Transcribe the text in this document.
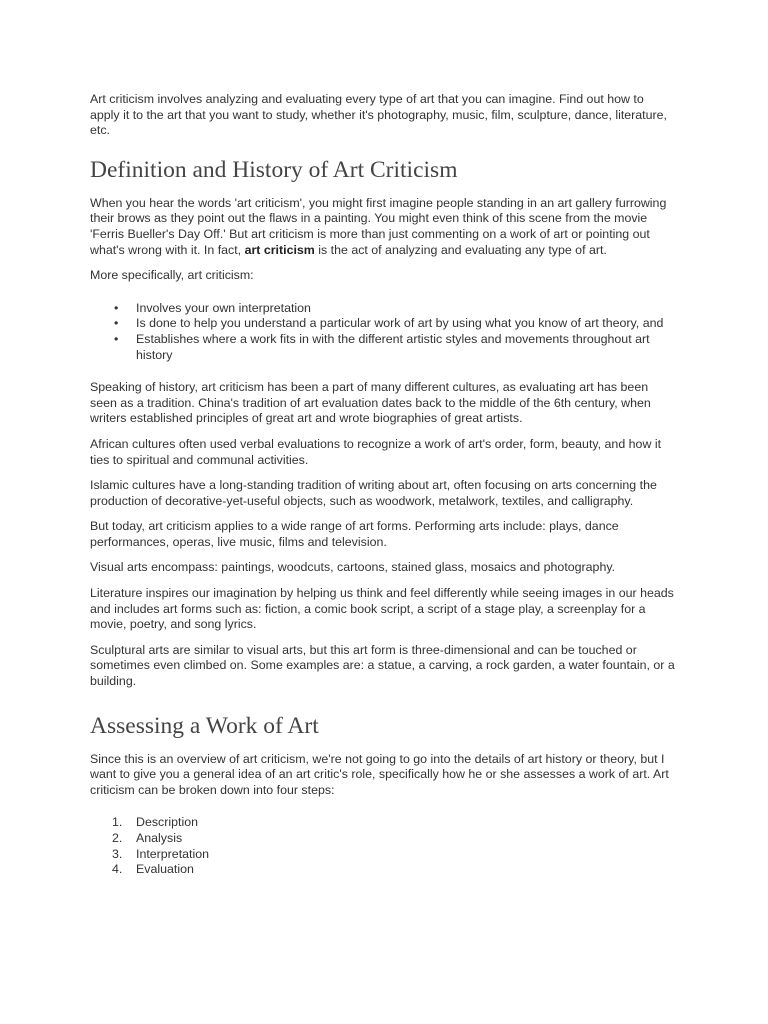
Art criticism involves analyzing and evaluating every type of art that you can imagine. Find out how to apply it to the art that you want to study, whether it's photography, music, film, sculpture, dance, literature, etc.

Definition and History of Art Criticism

When you hear the words 'art criticism', you might first imagine people standing in an art gallery furrowing their brows as they point out the flaws in a painting. You might even think of this scene from the movie 'Ferris Bueller's Day Off.' But art criticism is more than just commenting on a work of art or pointing out what's wrong with it. In fact, art criticism is the act of analyzing and evaluating any type of art.

More specifically, art criticism:

• Involves your own interpretation
• Is done to help you understand a particular work of art by using what you know of art theory, and
• Establishes where a work fits in with the different artistic styles and movements throughout art history

Speaking of history, art criticism has been a part of many different cultures, as evaluating art has been seen as a tradition. China's tradition of art evaluation dates back to the middle of the 6th century, when writers established principles of great art and wrote biographies of great artists.

African cultures often used verbal evaluations to recognize a work of art's order, form, beauty, and how it ties to spiritual and communal activities.

Islamic cultures have a long-standing tradition of writing about art, often focusing on arts concerning the production of decorative-yet-useful objects, such as woodwork, metalwork, textiles, and calligraphy.

But today, art criticism applies to a wide range of art forms. Performing arts include: plays, dance performances, operas, live music, films and television.

Visual arts encompass: paintings, woodcuts, cartoons, stained glass, mosaics and photography.

Literature inspires our imagination by helping us think and feel differently while seeing images in our heads and includes art forms such as: fiction, a comic book script, a script of a stage play, a screenplay for a movie, poetry, and song lyrics.

Sculptural arts are similar to visual arts, but this art form is three-dimensional and can be touched or sometimes even climbed on. Some examples are: a statue, a carving, a rock garden, a water fountain, or a building.

Assessing a Work of Art

Since this is an overview of art criticism, we're not going to go into the details of art history or theory, but I want to give you a general idea of an art critic's role, specifically how he or she assesses a work of art. Art criticism can be broken down into four steps:

1. Description
2. Analysis
3. Interpretation
4. Evaluation
